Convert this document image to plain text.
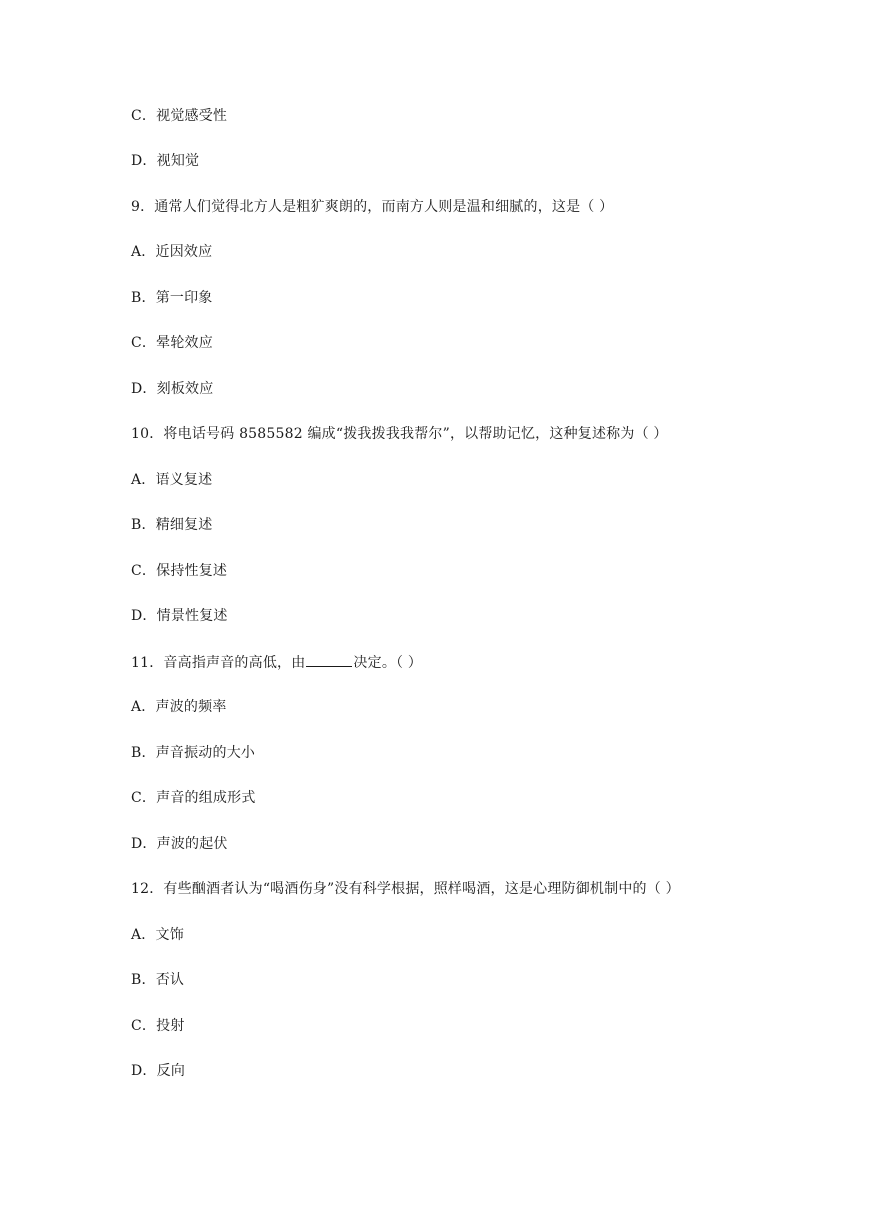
C．视觉感受性
D．视知觉
9．通常人们觉得北方人是粗犷爽朗的，而南方人则是温和细腻的，这是（ ）
A．近因效应
B．第一印象
C．晕轮效应
D．刻板效应
10．将电话号码 8585582 编成“拨我拨我我帮尔”，以帮助记忆，这种复述称为（ ）
A．语义复述
B．精细复述
C．保持性复述
D．情景性复述
11．音高指声音的高低，由	决定。（ ）
A．声波的频率
B．声音振动的大小
C．声音的组成形式
D．声波的起伏
12．有些酗酒者认为“喝酒伤身”没有科学根据，照样喝酒，这是心理防御机制中的（ ）
A．文饰
B．否认
C．投射
D．反向
